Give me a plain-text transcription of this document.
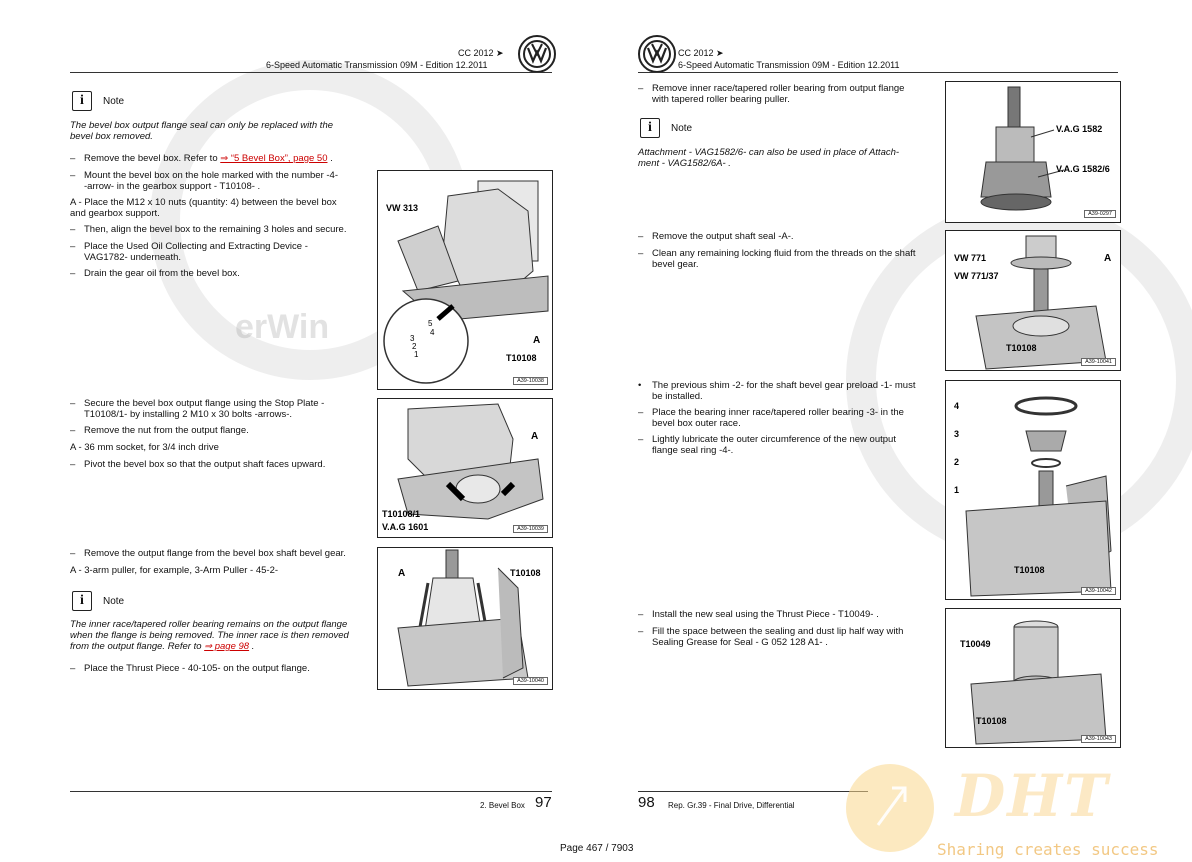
erWin
CC 2012 ➤
6-Speed Automatic Transmission 09M - Edition 12.2011
i	Note
The bevel box output flange seal can only be replaced with the
bevel box removed.
– Remove the bevel box. Refer to ⇒ “5 Bevel Box”, page 50 .
– Mount the bevel box on the hole marked with the number -4-
-arrow- in the gearbox support - T10108- .
A - Place the M12 x 10 nuts (quantity: 4) between the bevel box
and gearbox support.
– Then, align the bevel box to the remaining 3 holes and secure.
– Place the Used Oil Collecting and Extracting Device -
VAG1782- underneath.
– Drain the gear oil from the bevel box.
VW 313
A
T10108
5
4
3
2
1
A39-10038
– Secure the bevel box output flange using the Stop Plate -
T10108/1- by installing 2 M10 x 30 bolts -arrows-.
– Remove the nut from the output flange.
A - 36 mm socket, for 3/4 inch drive
– Pivot the bevel box so that the output shaft faces upward.
A
T10108/1
V.A.G 1601	A39-10039
– Remove the output flange from the bevel box shaft bevel gear.
A - 3-arm puller, for example, 3-Arm Puller - 45-2-
i	Note
The inner race/tapered roller bearing remains on the output flange
when the flange is being removed. The inner race is then removed
from the output flange. Refer to ⇒ page 98 .
– Place the Thrust Piece - 40-105- on the output flange.
A	T10108
A39-10040
2. Bevel Box 97
CC 2012 ➤
6-Speed Automatic Transmission 09M - Edition 12.2011
– Remove inner race/tapered roller bearing from output flange
with tapered roller bearing puller.
i	Note
Attachment - VAG1582/6- can also be used in place of Attach-
ment - VAG1582/6A- .
V.A.G 1582
V.A.G 1582/6
A39-0297
– Remove the output shaft seal -A-.
– Clean any remaining locking fluid from the threads on the shaft
bevel gear.
VW 771
VW 771/37
A
T10108
A39-10041
•	The previous shim -2- for the shaft bevel gear preload -1- must
be installed.
– Place the bearing inner race/tapered roller bearing -3- in the
bevel box outer race.
– Lightly lubricate the outer circumference of the new output
flange seal ring -4-.
4
3
2
1
T10108
A39-10042
– Install the new seal using the Thrust Piece - T10049- .
– Fill the space between the sealing and dust lip half way with
Sealing Grease for Seal - G 052 128 A1- .	T10049
T10108
A39-10043
98 Rep. Gr.39 - Final Drive, Differential	DHT
Sharing creates success
Page 467 / 7903
